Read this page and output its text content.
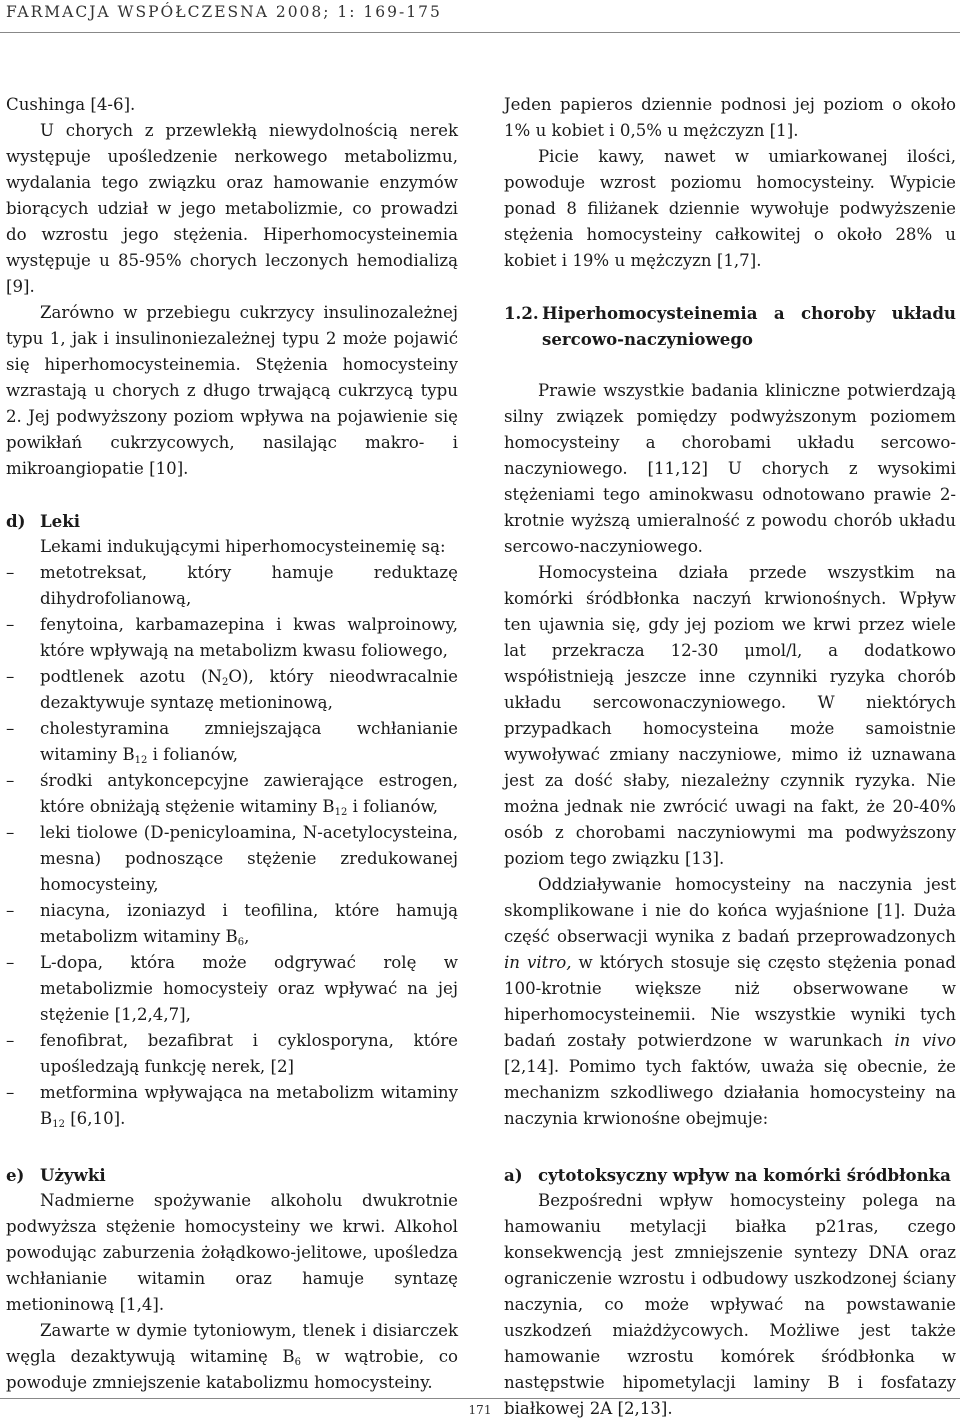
FARMACJA WSPÓŁCZESNA 2008; 1: 169-175

Cushinga [4-6].

U chorych z przewlekłą niewydolnością nerek występuje upośledzenie nerkowego metabolizmu, wydalania tego związku oraz hamowanie enzymów biorących udział w jego metabolizmie, co prowadzi do wzrostu jego stężenia. Hiperhomocysteinemia występuje u 85-95% chorych leczonych hemodializą [9].

Zarówno w przebiegu cukrzycy insulinozależnej typu 1, jak i insulinoniezależnej typu 2 może pojawić się hiperhomocysteinemia. Stężenia homocysteiny wzrastają u chorych z długo trwającą cukrzycą typu 2. Jej podwyższony poziom wpływa na pojawienie się powikłań cukrzycowych, nasilając makro- i mikroangiopatie [10].

d) Leki

Lekami indukującymi hiperhomocysteinemię są:

– metotreksat, który hamuje reduktazę dihydrofolianową,
– fenytoina, karbamazepina i kwas walproinowy, które wpływają na metabolizm kwasu foliowego,
– podtlenek azotu $(N_2O)$, który nieodwracalnie dezaktywuje syntazę metioninową,
– cholestyramina zmniejszająca wchłanianie witaminy $B_{12}$ i folianów,
– środki antykoncepcyjne zawierające estrogen, które obniżają stężenie witaminy $B_{12}$ i folianów,
– leki tiolowe (D-penicyloamina, N-acetylocysteina, mesna) podnoszące stężenie zredukowanej homocysteiny,
– niacyna, izoniazyd i teofilina, które hamują metabolizm witaminy $B_6$,
– L-dopa, która może odgrywać rolę w metabolizmie homocysteiy oraz wpływać na jej stężenie [1,2,4,7],
– fenofibrat, bezafibrat i cyklosporyna, które upośledzają funkcję nerek, [2]
– metformina wpływająca na metabolizm witaminy $B_{12}$ [6,10].

e) Używki

Nadmierne spożywanie alkoholu dwukrotnie podwyższa stężenie homocysteiny we krwi. Alkohol powodując zaburzenia żołądkowo-jelitowe, upośledza wchłanianie witamin oraz hamuje syntazę metioninową [1,4].

Zawarte w dymie tytoniowym, tlenek i disiarczek węgla dezaktywują witaminę $B_6$ w wątrobie, co powoduje zmniejszenie katabolizmu homocysteiny.

Jeden papieros dziennie podnosi jej poziom o około 1% u kobiet i 0,5% u mężczyzn [1].

Picie kawy, nawet w umiarkowanej ilości, powoduje wzrost poziomu homocysteiny. Wypicie ponad 8 filiżanek dziennie wywołuje podwyższenie stężenia homocysteiny całkowitej o około 28% u kobiet i 19% u mężczyzn [1,7].

1.2. Hiperhomocysteinemia a choroby układu sercowo-naczyniowego

Prawie wszystkie badania kliniczne potwierdzają silny związek pomiędzy podwyższonym poziomem homocysteiny a chorobami układu sercowo-naczyniowego. [11,12] U chorych z wysokimi stężeniami tego aminokwasu odnotowano prawie 2-krotnie wyższą umieralność z powodu chorób układu sercowo-naczyniowego.

Homocysteina działa przede wszystkim na komórki śródbłonka naczyń krwionośnych. Wpływ ten ujawnia się, gdy jej poziom we krwi przez wiele lat przekracza 12-30 μmol/l, a dodatkowo współistnieją jeszcze inne czynniki ryzyka chorób układu sercowonaczyniowego. W niektórych przypadkach homocysteina może samoistnie wywoływać zmiany naczyniowe, mimo iż uznawana jest za dość słaby, niezależny czynnik ryzyka. Nie można jednak nie zwrócić uwagi na fakt, że 20-40% osób z chorobami naczyniowymi ma podwyższony poziom tego związku [13].

Oddziaływanie homocysteiny na naczynia jest skomplikowane i nie do końca wyjaśnione [1]. Duża część obserwacji wynika z badań przeprowadzonych in vitro, w których stosuje się często stężenia ponad 100-krotnie większe niż obserwowane w hiperhomocysteinemii. Nie wszystkie wyniki tych badań zostały potwierdzone w warunkach in vivo [2,14]. Pomimo tych faktów, uważa się obecnie, że mechanizm szkodliwego działania homocysteiny na naczynia krwionośne obejmuje:

a) cytotoksyczny wpływ na komórki śródbłonka

Bezpośredni wpływ homocysteiny polega na hamowaniu metylacji białka p21ras, czego konsekwencją jest zmniejszenie syntezy DNA oraz ograniczenie wzrostu i odbudowy uszkodzonej ściany naczynia, co może wpływać na powstawanie uszkodzeń miażdżycowych. Możliwe jest także hamowanie wzrostu komórek śródbłonka w następstwie hipometylacji laminy B i fosfatazy białkowej 2A [2,13].

171
